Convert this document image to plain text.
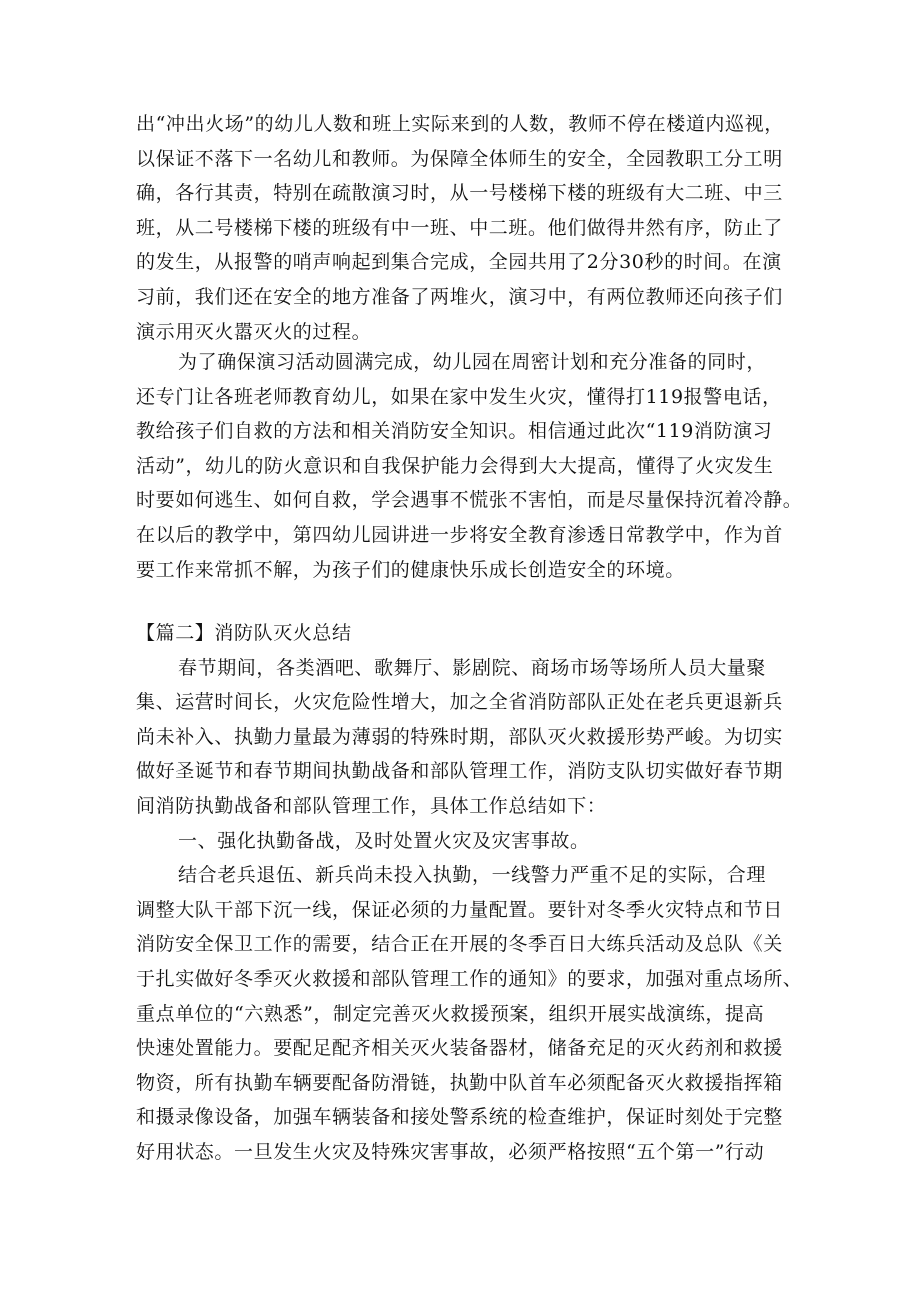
出“冲出火场”的幼儿人数和班上实际来到的人数，教师不停在楼道内巡视，
以保证不落下一名幼儿和教师。为保障全体师生的安全，全园教职工分工明
确，各行其责，特别在疏散演习时，从一号楼梯下楼的班级有大二班、中三
班，从二号楼梯下楼的班级有中一班、中二班。他们做得井然有序，防止了
的发生，从报警的哨声响起到集合完成，全园共用了2分30秒的时间。在演
习前，我们还在安全的地方准备了两堆火，演习中，有两位教师还向孩子们
演示用灭火嚣灭火的过程。
为了确保演习活动圆满完成，幼儿园在周密计划和充分准备的同时，
还专门让各班老师教育幼儿，如果在家中发生火灾，懂得打119报警电话，
教给孩子们自救的方法和相关消防安全知识。相信通过此次“119消防演习
活动”，幼儿的防火意识和自我保护能力会得到大大提高，懂得了火灾发生
时要如何逃生、如何自救，学会遇事不慌张不害怕，而是尽量保持沉着冷静。
在以后的教学中，第四幼儿园讲进一步将安全教育渗透日常教学中，作为首
要工作来常抓不解，为孩子们的健康快乐成长创造安全的环境。
【篇二】消防队灭火总结
春节期间，各类酒吧、歌舞厅、影剧院、商场市场等场所人员大量聚
集、运营时间长，火灾危险性增大，加之全省消防部队正处在老兵更退新兵
尚未补入、执勤力量最为薄弱的特殊时期，部队灭火救援形势严峻。为切实
做好圣诞节和春节期间执勤战备和部队管理工作，消防支队切实做好春节期
间消防执勤战备和部队管理工作，具体工作总结如下：
一、强化执勤备战，及时处置火灾及灾害事故。
结合老兵退伍、新兵尚未投入执勤，一线警力严重不足的实际，合理
调整大队干部下沉一线，保证必须的力量配置。要针对冬季火灾特点和节日
消防安全保卫工作的需要，结合正在开展的冬季百日大练兵活动及总队《关
于扎实做好冬季灭火救援和部队管理工作的通知》的要求，加强对重点场所、
重点单位的“六熟悉”，制定完善灭火救援预案，组织开展实战演练，提高
快速处置能力。要配足配齐相关灭火装备器材，储备充足的灭火药剂和救援
物资，所有执勤车辆要配备防滑链，执勤中队首车必须配备灭火救援指挥箱
和摄录像设备，加强车辆装备和接处警系统的检查维护，保证时刻处于完整
好用状态。一旦发生火灾及特殊灾害事故，必须严格按照“五个第一”行动
